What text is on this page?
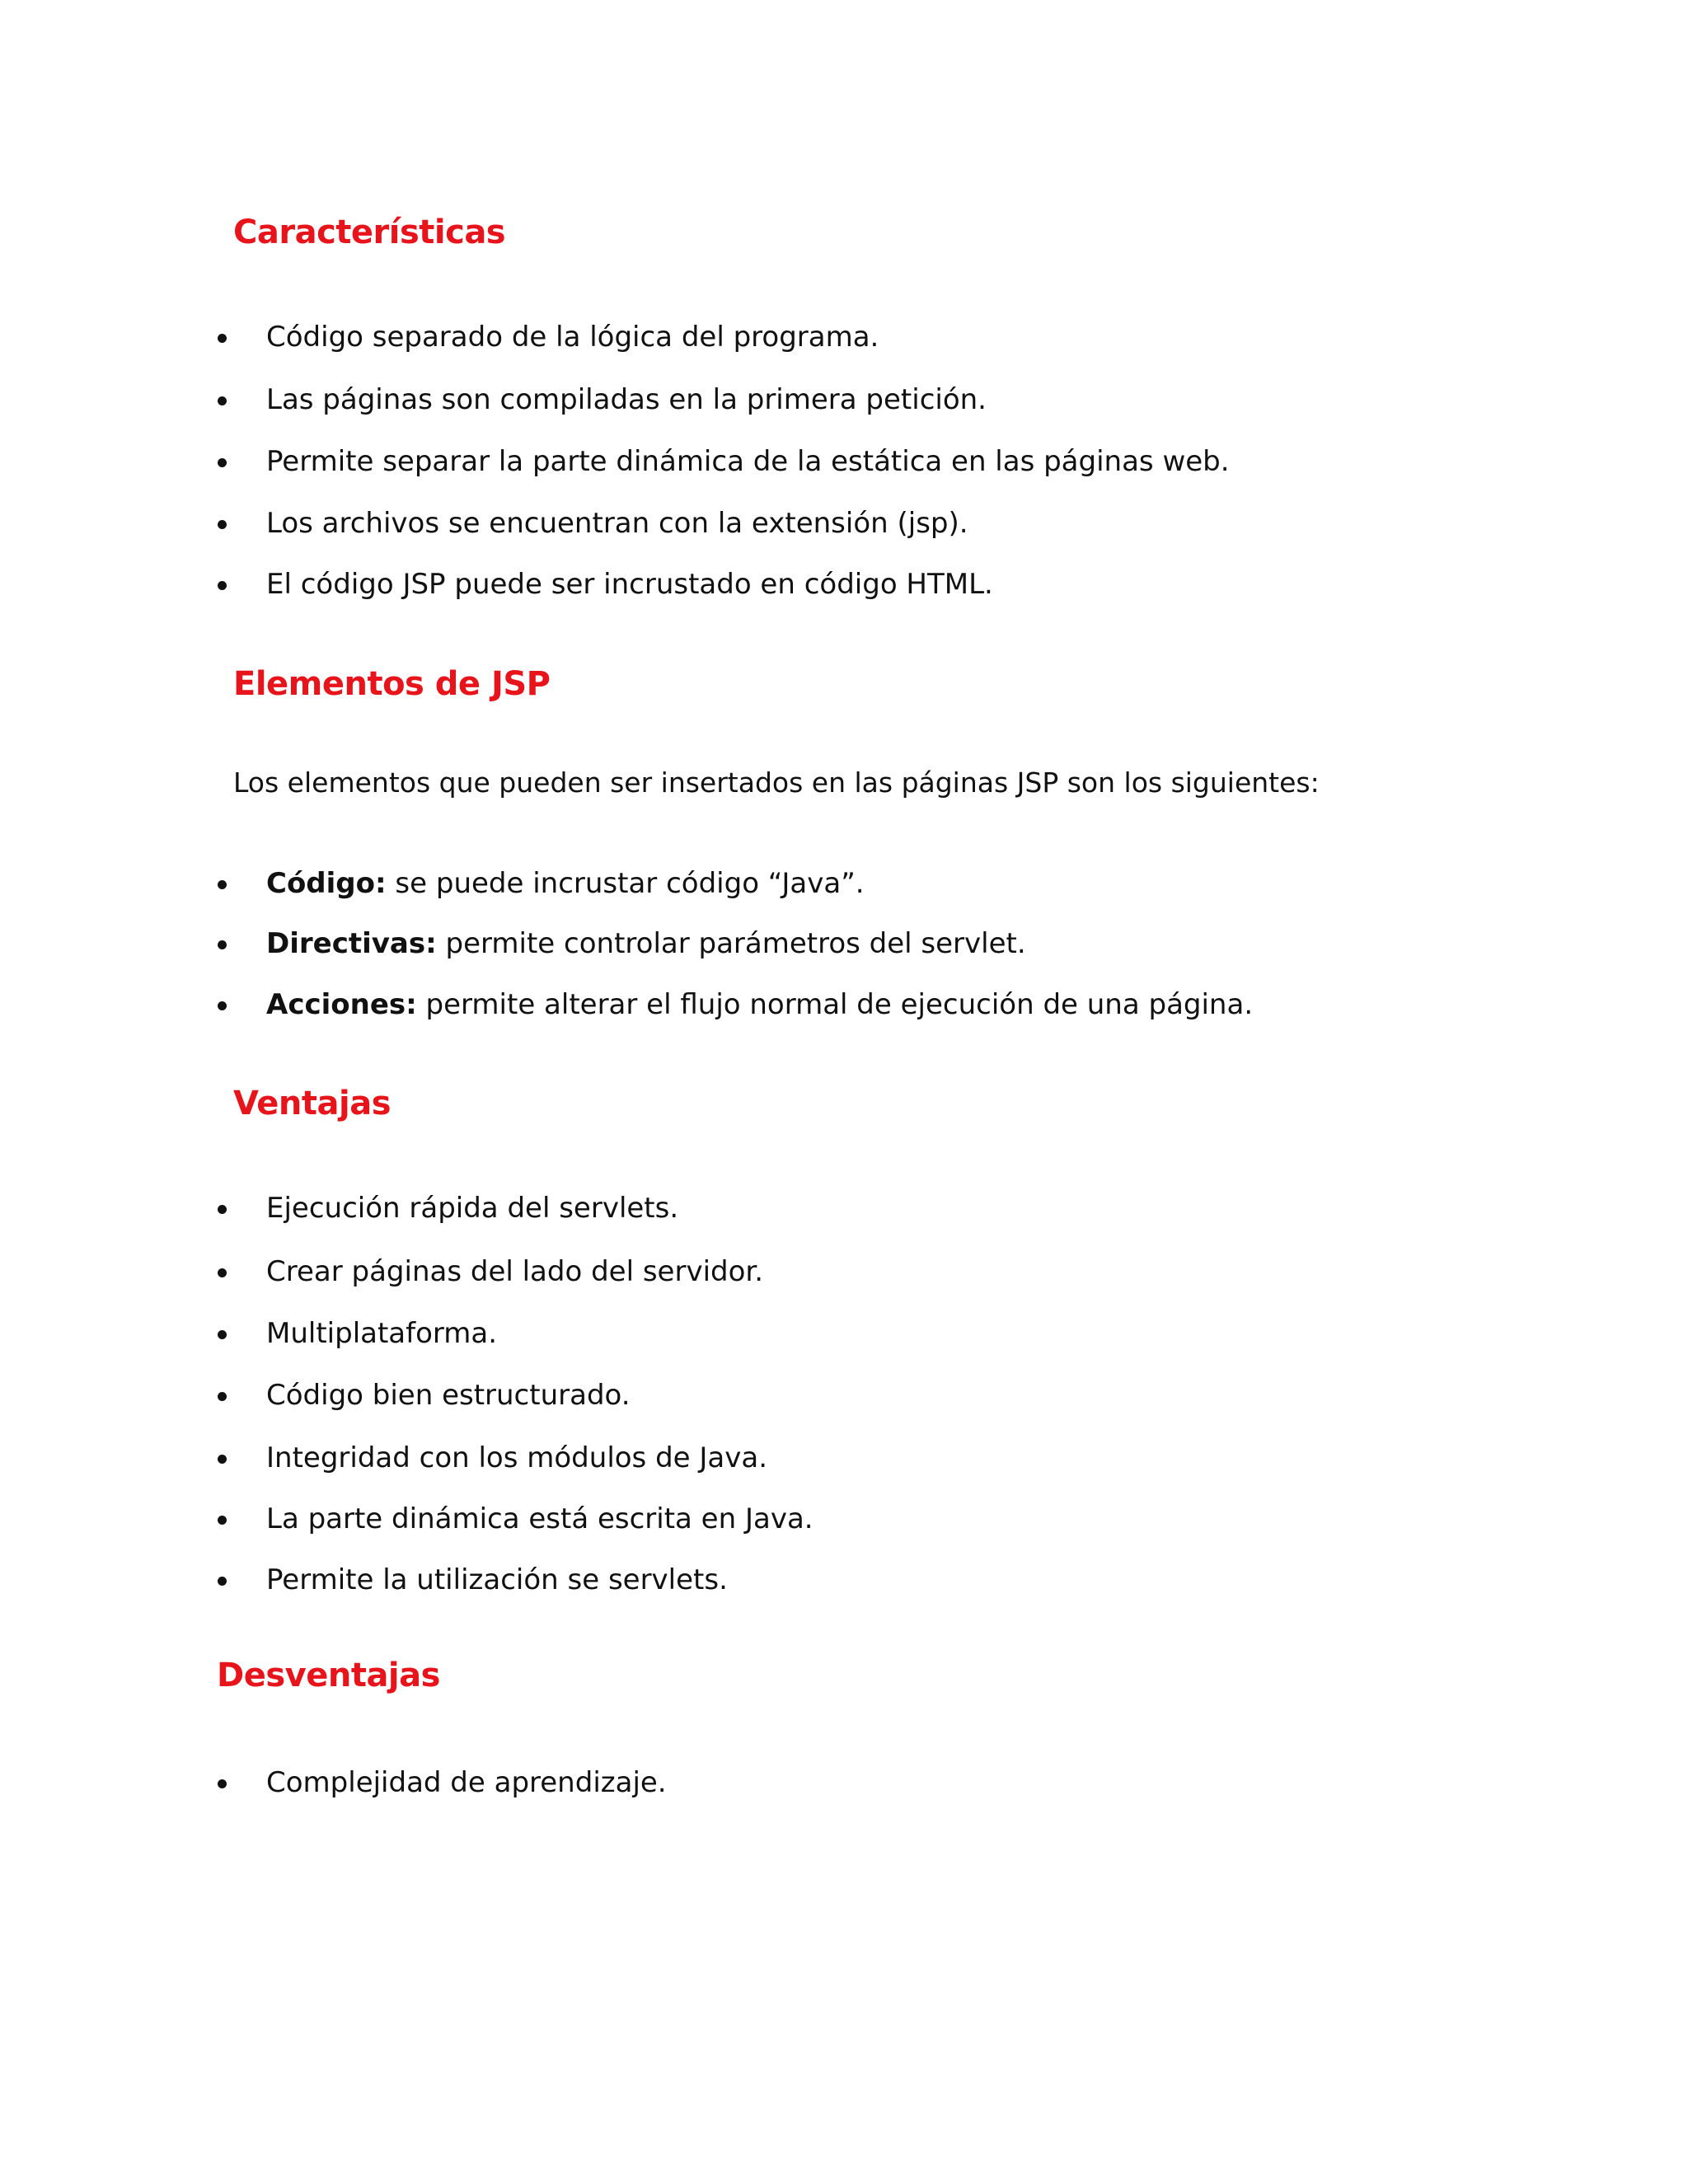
Características
Código separado de la lógica del programa.
Las páginas son compiladas en la primera petición.
Permite separar la parte dinámica de la estática en las páginas web.
Los archivos se encuentran con la extensión (jsp).
El código JSP puede ser incrustado en código HTML.
Elementos de JSP

Los elementos que pueden ser insertados en las páginas JSP son los siguientes:

Código: se puede incrustar código “Java”.
Directivas: permite controlar parámetros del servlet.
Acciones: permite alterar el flujo normal de ejecución de una página.
Ventajas
Ejecución rápida del servlets.
Crear páginas del lado del servidor.
Multiplataforma.
Código bien estructurado.
Integridad con los módulos de Java.
La parte dinámica está escrita en Java.
Permite la utilización se servlets.
Desventajas
Complejidad de aprendizaje.
